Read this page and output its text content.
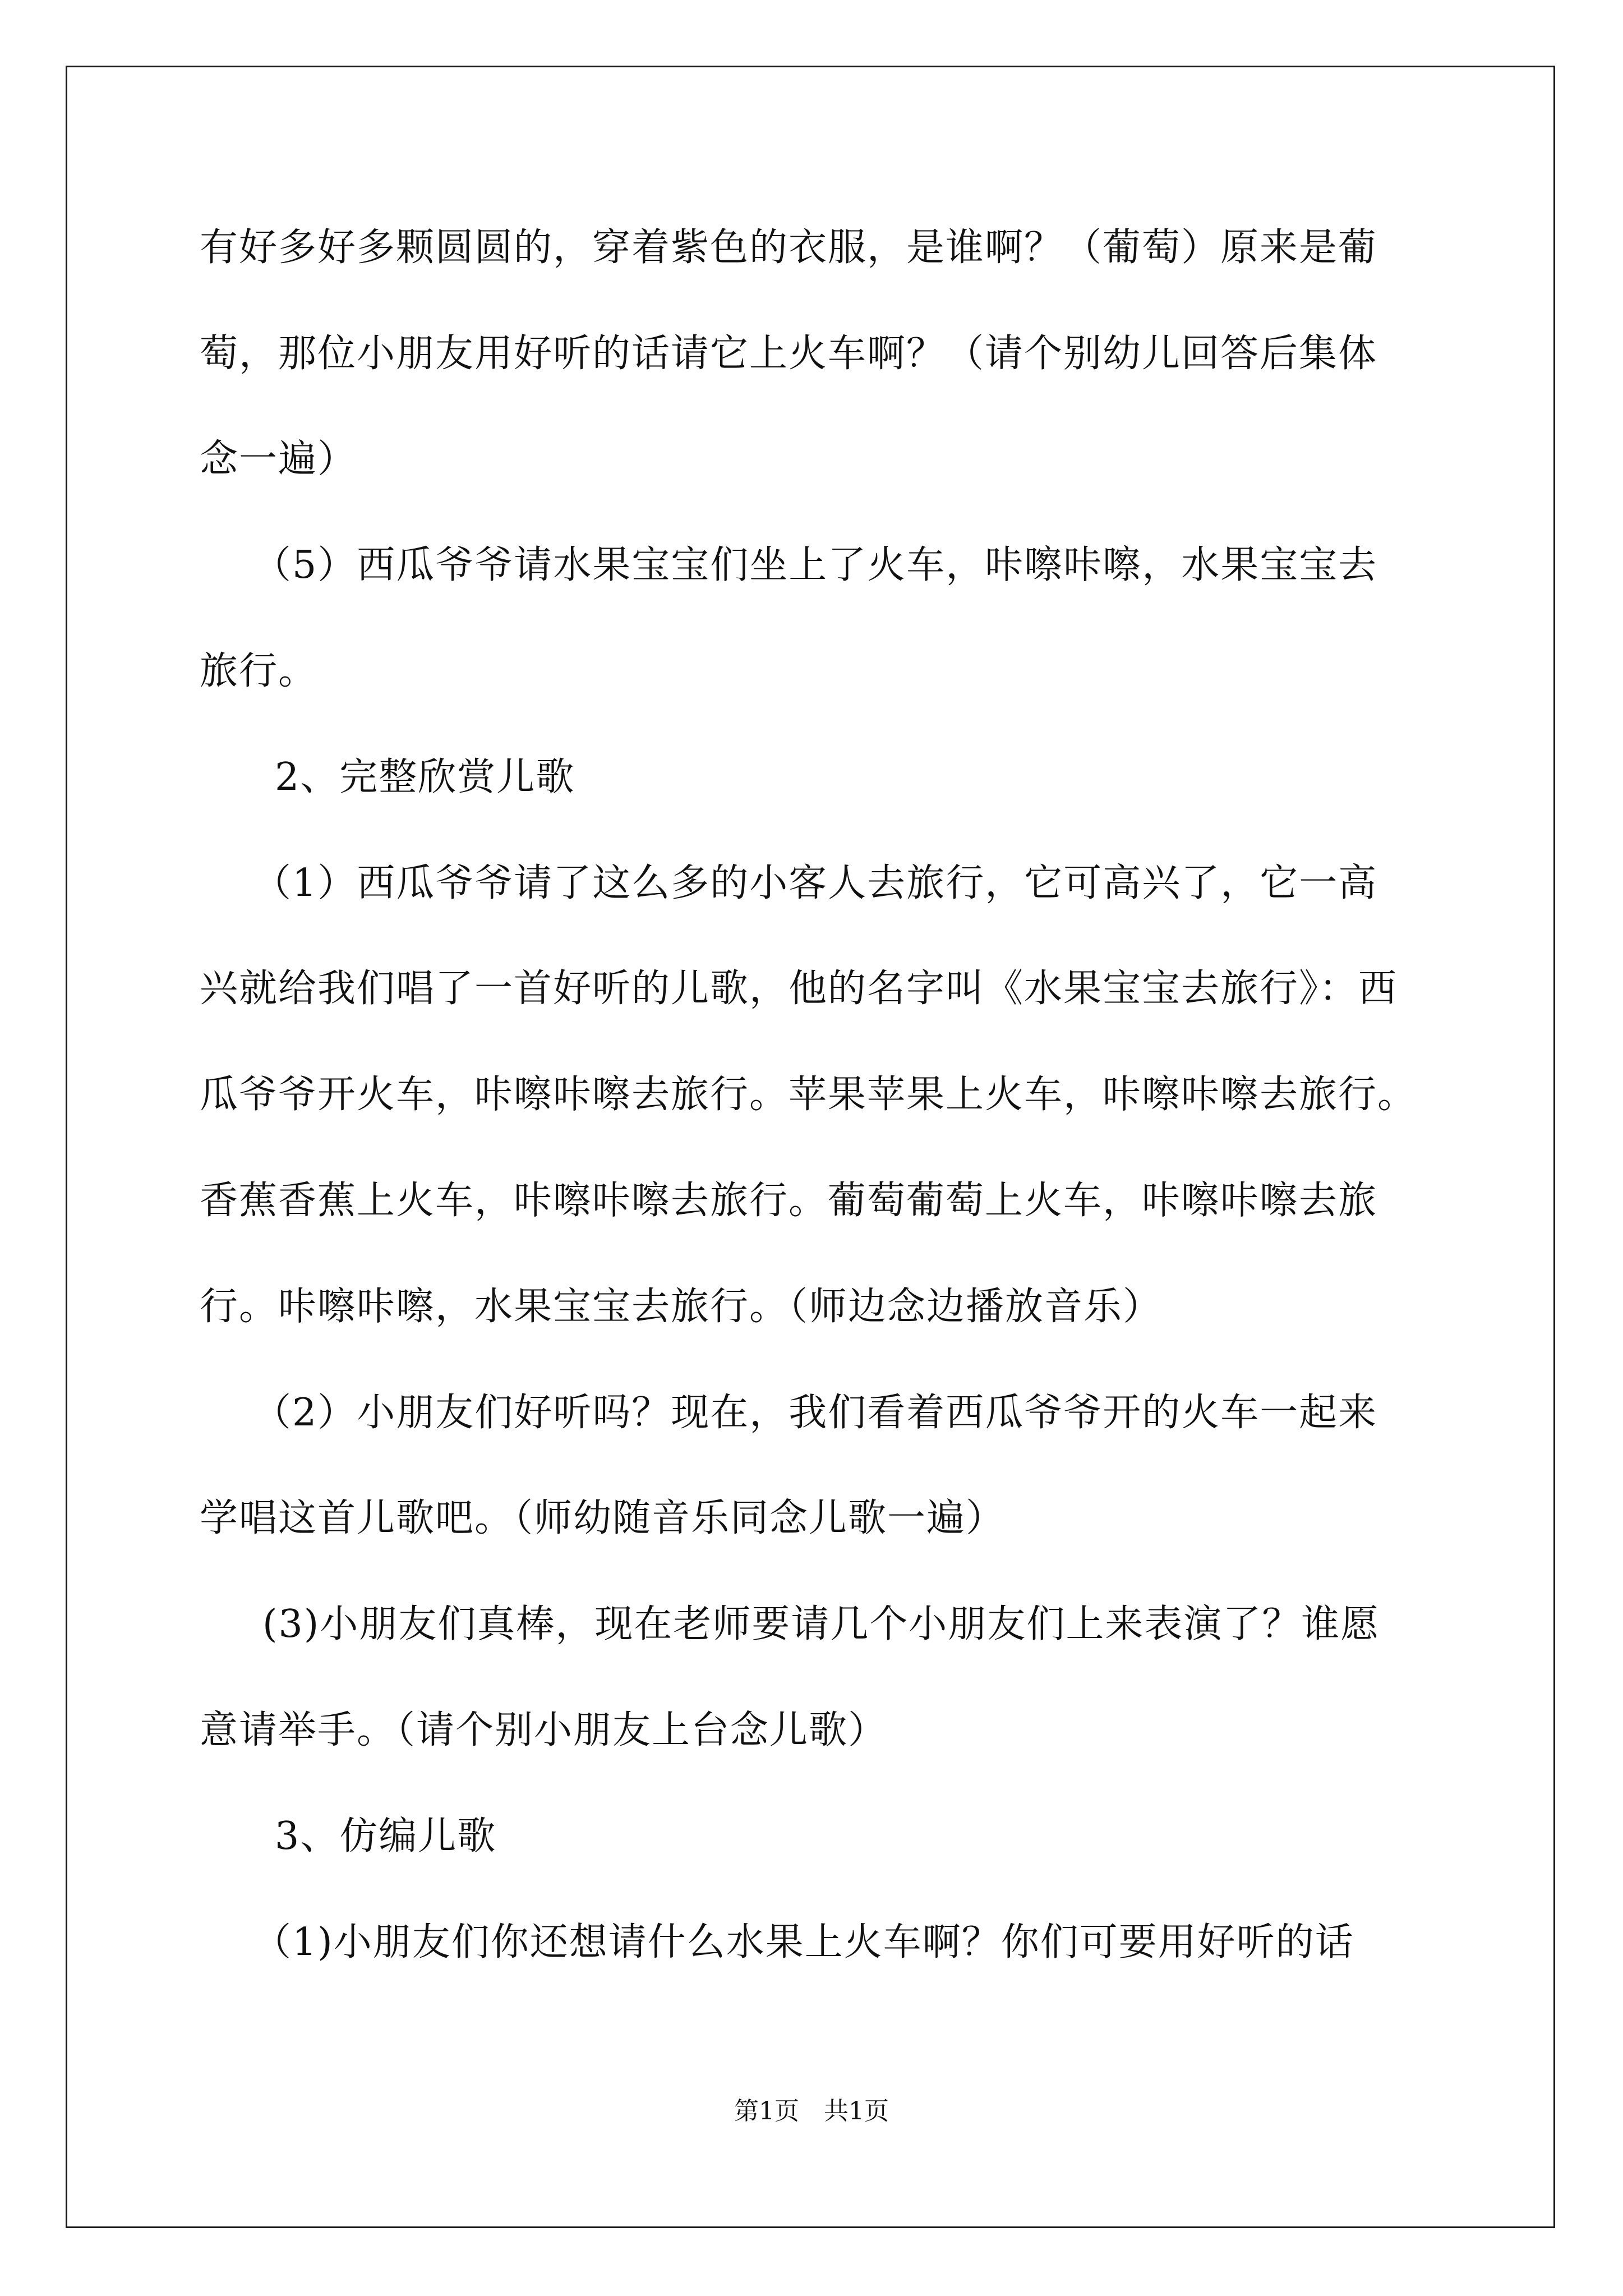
有好多好多颗圆圆的，穿着紫色的衣服，是谁啊？（葡萄）原来是葡
萄，那位小朋友用好听的话请它上火车啊？（请个别幼儿回答后集体
念一遍）
（5）西瓜爷爷请水果宝宝们坐上了火车，咔嚓咔嚓，水果宝宝去
旅行。
2、完整欣赏儿歌
（1）西瓜爷爷请了这么多的小客人去旅行，它可高兴了，它一高
兴就给我们唱了一首好听的儿歌，他的名字叫《水果宝宝去旅行》：西
瓜爷爷开火车，咔嚓咔嚓去旅行。苹果苹果上火车，咔嚓咔嚓去旅行。
香蕉香蕉上火车，咔嚓咔嚓去旅行。葡萄葡萄上火车，咔嚓咔嚓去旅
行。咔嚓咔嚓，水果宝宝去旅行。（师边念边播放音乐）
（2）小朋友们好听吗？现在，我们看着西瓜爷爷开的火车一起来
学唱这首儿歌吧。（师幼随音乐同念儿歌一遍）
(3)小朋友们真棒，现在老师要请几个小朋友们上来表演了？谁愿
意请举手。（请个别小朋友上台念儿歌）
3、仿编儿歌
（1)小朋友们你还想请什么水果上火车啊？你们可要用好听的话
第1页　共1页
